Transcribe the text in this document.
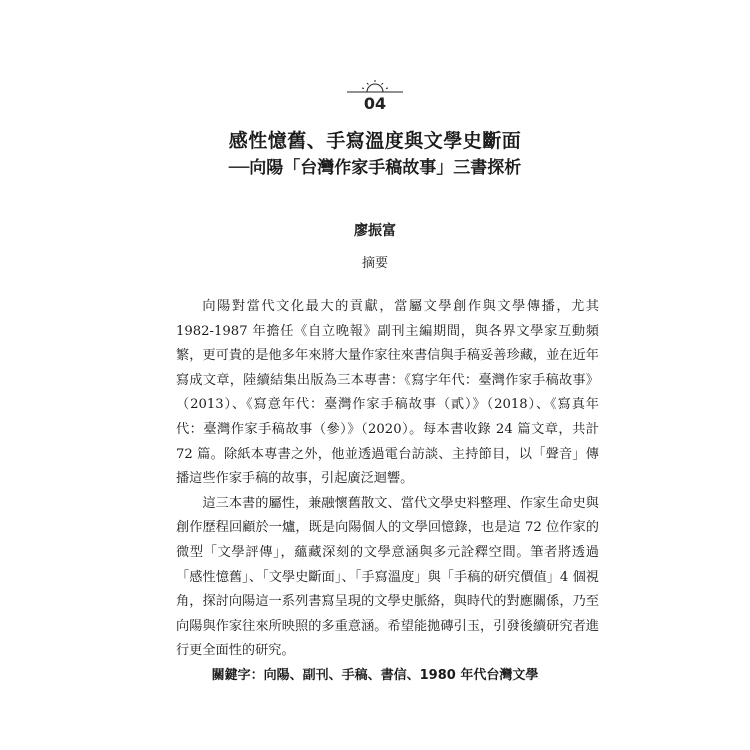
04
感性憶舊、手寫溫度與文學史斷面
──向陽「台灣作家手稿故事」三書探析
廖振富
摘要

向陽對當代文化最大的貢獻，當屬文學創作與文學傳播，尤其 1982-1987 年擔任《自立晚報》副刊主編期間，與各界文學家互動頻繁，更可貴的是他多年來將大量作家往來書信與手稿妥善珍藏，並在近年寫成文章，陸續結集出版為三本專書：《寫字年代：臺灣作家手稿故事》（2013）、《寫意年代：臺灣作家手稿故事（貳）》（2018）、《寫真年代：臺灣作家手稿故事（參）》（2020）。每本書收錄 24 篇文章，共計 72 篇。除紙本專書之外，他並透過電台訪談、主持節目，以「聲音」傳播這些作家手稿的故事，引起廣泛迴響。

這三本書的屬性，兼融懷舊散文、當代文學史料整理、作家生命史與創作歷程回顧於一爐，既是向陽個人的文學回憶錄，也是這 72 位作家的微型「文學評傳」，蘊藏深刻的文學意涵與多元詮釋空間。筆者將透過「感性憶舊」、「文學史斷面」、「手寫溫度」與「手稿的研究價值」4 個視角，探討向陽這一系列書寫呈現的文學史脈絡，與時代的對應關係，乃至向陽與作家往來所映照的多重意涵。希望能拋磚引玉，引發後續研究者進行更全面性的研究。

關鍵字：向陽、副刊、手稿、書信、1980 年代台灣文學
